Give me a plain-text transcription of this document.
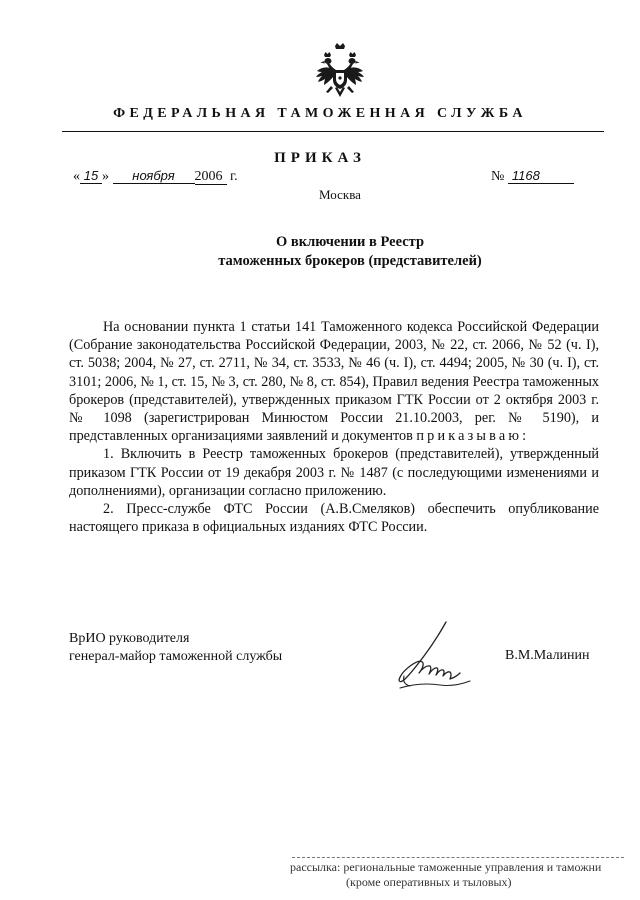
ФЕДЕРАЛЬНАЯ ТАМОЖЕННАЯ СЛУЖБА
ПРИКАЗ
« 15 » ноября 2006 г.	№ 1168
Москва
О включении в Реестр
таможенных брокеров (представителей)

На основании пункта 1 статьи 141 Таможенного кодекса Российской Федерации (Собрание законодательства Российской Федерации, 2003, № 22, ст. 2066, № 52 (ч. I), ст. 5038; 2004, № 27, ст. 2711, № 34, ст. 3533, № 46 (ч. I), ст. 4494; 2005, № 30 (ч. I), ст. 3101; 2006, № 1, ст. 15, № 3, ст. 280, № 8, ст. 854), Правил ведения Реестра таможенных брокеров (представителей), утвержденных приказом ГТК России от 2 октября 2003 г. № 1098 (зарегистрирован Минюстом России 21.10.2003, рег. № 5190), и представленных организациями заявлений и документов приказываю:

1. Включить в Реестр таможенных брокеров (представителей), утвержденный приказом ГТК России от 19 декабря 2003 г. № 1487 (с последующими изменениями и дополнениями), организации согласно приложению.

2. Пресс-службе ФТС России (А.В.Смеляков) обеспечить опубликование настоящего приказа в официальных изданиях ФТС России.

ВрИО руководителя
генерал-майор таможенной службы	В.М.Малинин
рассылка: региональные таможенные управления и таможни
(кроме оперативных и тыловых)
